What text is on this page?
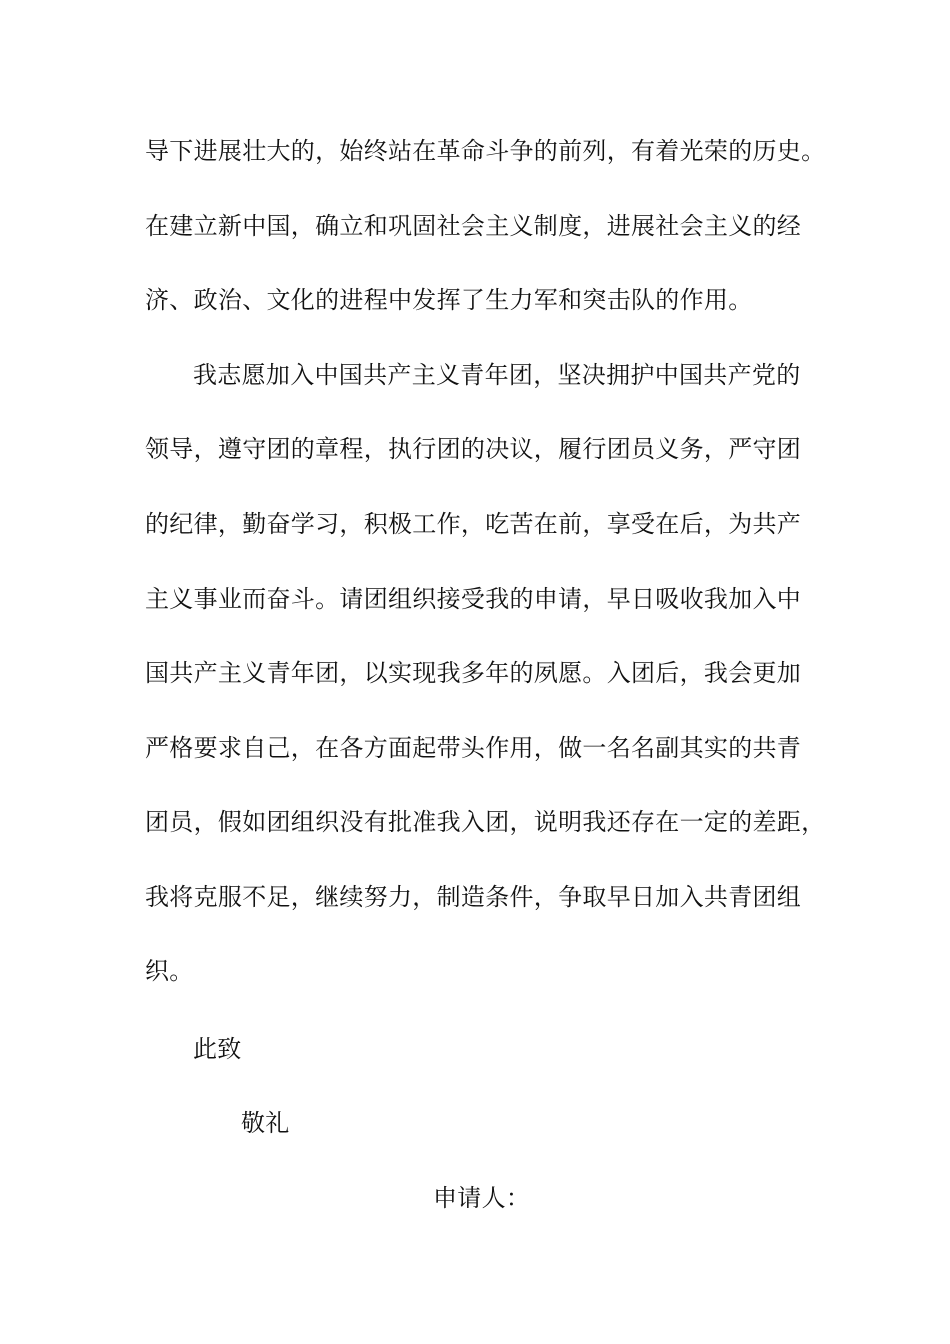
导下进展壮大的，始终站在革命斗争的前列，有着光荣的历史。
在建立新中国，确立和巩固社会主义制度，进展社会主义的经
济、政治、文化的进程中发挥了生力军和突击队的作用。
我志愿加入中国共产主义青年团，坚决拥护中国共产党的
领导，遵守团的章程，执行团的决议，履行团员义务，严守团
的纪律，勤奋学习，积极工作，吃苦在前，享受在后，为共产
主义事业而奋斗。请团组织接受我的申请，早日吸收我加入中
国共产主义青年团，以实现我多年的夙愿。入团后，我会更加
严格要求自己，在各方面起带头作用，做一名名副其实的共青
团员，假如团组织没有批准我入团，说明我还存在一定的差距，
我将克服不足，继续努力，制造条件，争取早日加入共青团组
织。
此致
敬礼
申请人：
